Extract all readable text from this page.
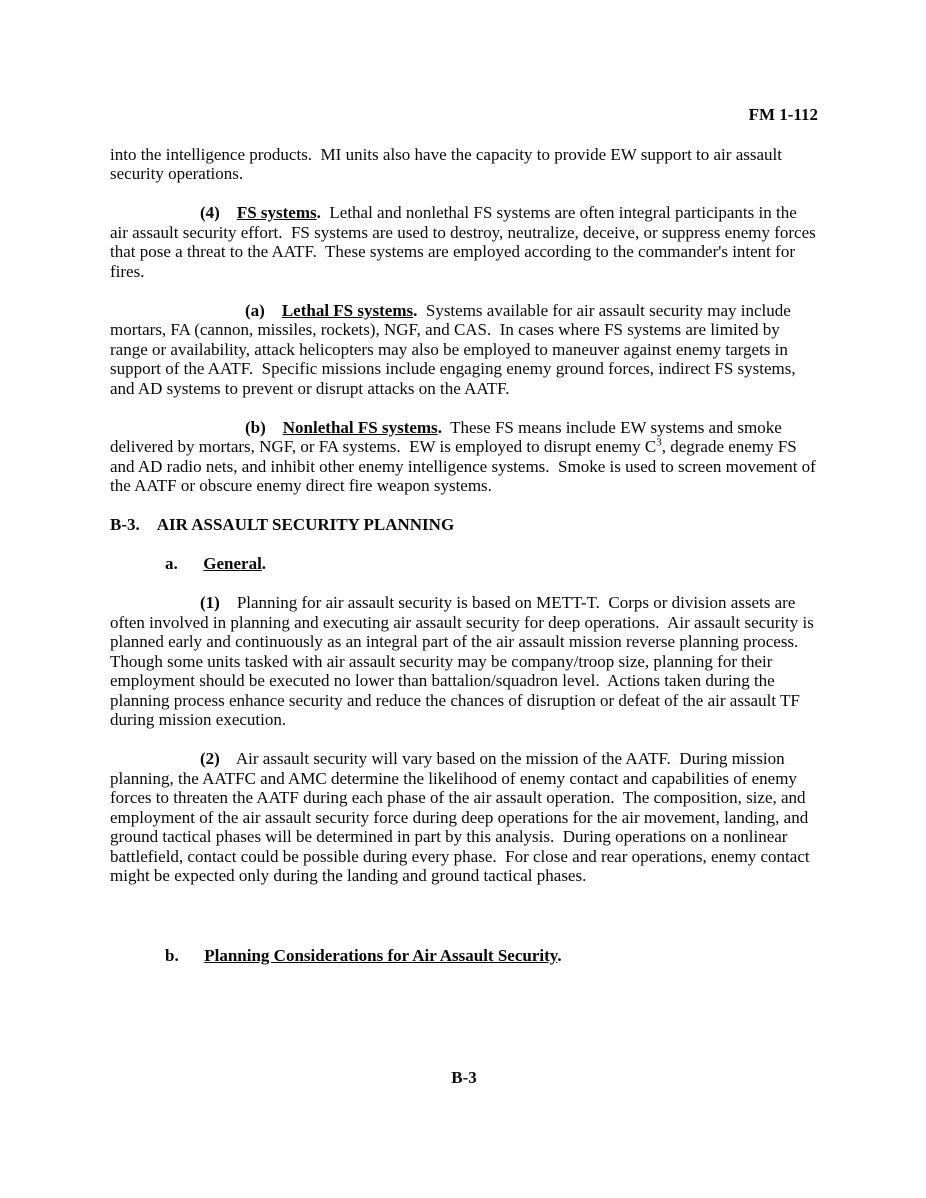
FM 1-112

into the intelligence products.  MI units also have the capacity to provide EW support to air assault security operations.

(4) FS systems.  Lethal and nonlethal FS systems are often integral participants in the air assault security effort.  FS systems are used to destroy, neutralize, deceive, or suppress enemy forces that pose a threat to the AATF.  These systems are employed according to the commander's intent for fires.

(a) Lethal FS systems.  Systems available for air assault security may include mortars, FA (cannon, missiles, rockets), NGF, and CAS.  In cases where FS systems are limited by range or availability, attack helicopters may also be employed to maneuver against enemy targets in support of the AATF.  Specific missions include engaging enemy ground forces, indirect FS systems, and AD systems to prevent or disrupt attacks on the AATF.

(b) Nonlethal FS systems.  These FS means include EW systems and smoke delivered by mortars, NGF, or FA systems.  EW is employed to disrupt enemy $C^3$, degrade enemy FS and AD radio nets, and inhibit other enemy intelligence systems.  Smoke is used to screen movement of the AATF or obscure enemy direct fire weapon systems.

B-3. AIR ASSAULT SECURITY PLANNING

a. General.

(1) Planning for air assault security is based on METT-T.  Corps or division assets are often involved in planning and executing air assault security for deep operations.  Air assault security is planned early and continuously as an integral part of the air assault mission reverse planning process.  Though some units tasked with air assault security may be company/troop size, planning for their employment should be executed no lower than battalion/squadron level.  Actions taken during the planning process enhance security and reduce the chances of disruption or defeat of the air assault TF during mission execution.

(2) Air assault security will vary based on the mission of the AATF.  During mission planning, the AATFC and AMC determine the likelihood of enemy contact and capabilities of enemy forces to threaten the AATF during each phase of the air assault operation.  The composition, size, and employment of the air assault security force during deep operations for the air movement, landing, and ground tactical phases will be determined in part by this analysis.  During operations on a nonlinear battlefield, contact could be possible during every phase.  For close and rear operations, enemy contact might be expected only during the landing and ground tactical phases.

b. Planning Considerations for Air Assault Security.

B-3
